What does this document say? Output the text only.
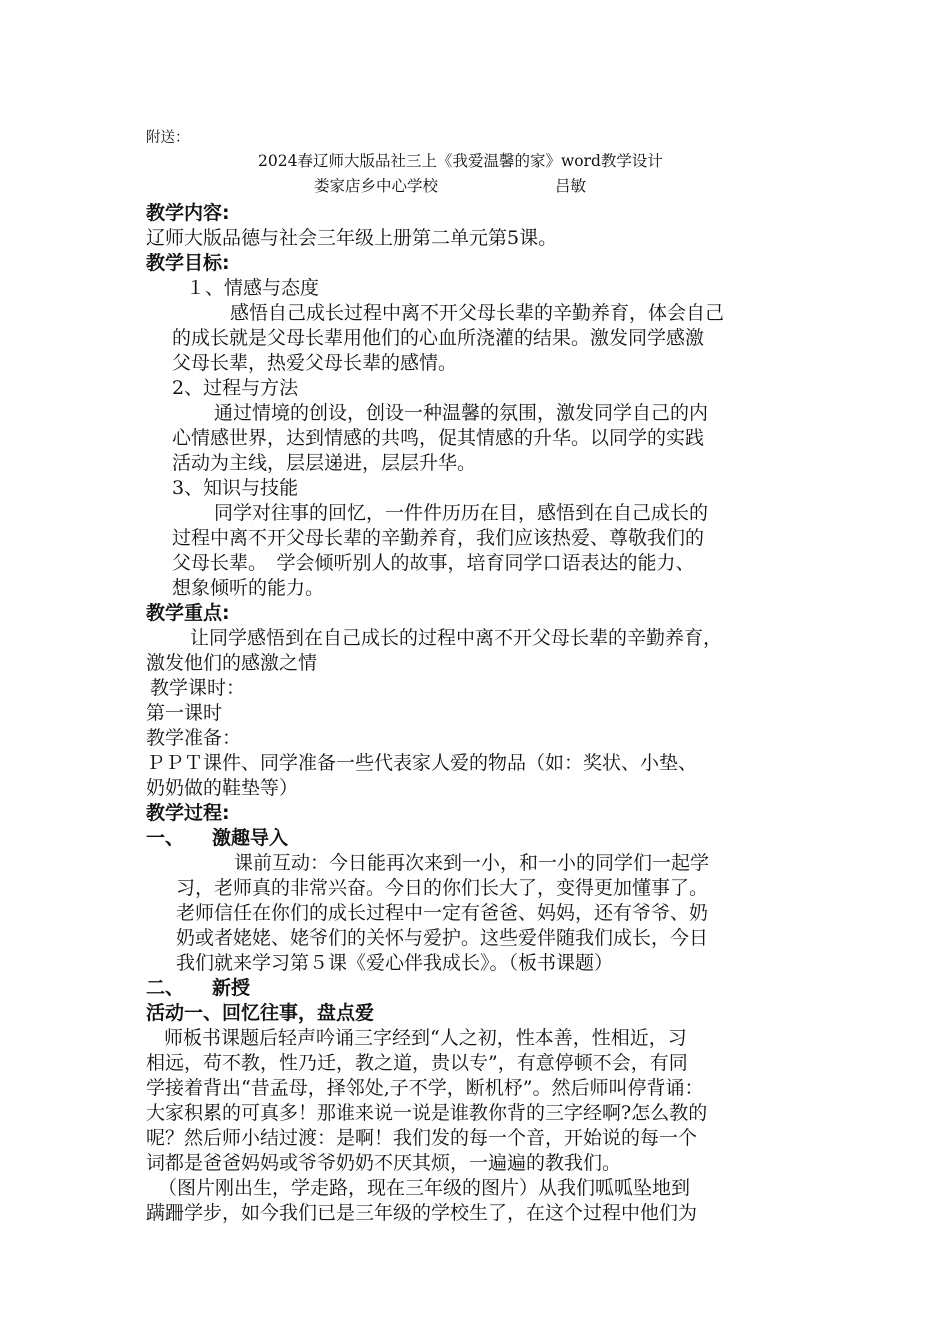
附送：
2024春辽师大版品社三上《我爱温馨的家》word教学设计
娄家店乡中心学校	吕敏
教学内容:
辽师大版品德与社会三年级上册第二单元第5课。
教学目标:
１、情感与态度
感悟自己成长过程中离不开父母长辈的辛勤养育，体会自己
的成长就是父母长辈用他们的心血所浇灌的结果。激发同学感激
父母长辈，热爱父母长辈的感情。
2、过程与方法
通过情境的创设，创设一种温馨的氛围，激发同学自己的内
心情感世界，达到情感的共鸣，促其情感的升华。以同学的实践
活动为主线，层层递进，层层升华。
3、知识与技能
同学对往事的回忆，一件件历历在目，感悟到在自己成长的
过程中离不开父母长辈的辛勤养育，我们应该热爱、尊敬我们的
父母长辈。　学会倾听别人的故事，培育同学口语表达的能力、
想象倾听的能力。
教学重点:
让同学感悟到在自己成长的过程中离不开父母长辈的辛勤养育，
激发他们的感激之情
教学课时：
第一课时
教学准备：
ＰＰＴ课件、同学准备一些代表家人爱的物品（如：奖状、小垫、
奶奶做的鞋垫等）
教学过程:
一、 激趣导入
课前互动：今日能再次来到一小，和一小的同学们一起学
习，老师真的非常兴奋。今日的你们长大了，变得更加懂事了。
老师信任在你们的成长过程中一定有爸爸、妈妈，还有爷爷、奶
奶或者姥姥、姥爷们的关怀与爱护。这些爱伴随我们成长，今日
我们就来学习第５课《爱心伴我成长》。（板书课题）
二、 新授
活动一、回忆往事，盘点爱
师板书课题后轻声吟诵三字经到“人之初，性本善，性相近，习
相远，苟不教，性乃迁，教之道，贵以专”，有意停顿不会，有同
学接着背出“昔孟母，择邻处,子不学，断机杼”。然后师叫停背诵：
大家积累的可真多！那谁来说一说是谁教你背的三字经啊?怎么教的
呢？然后师小结过渡：是啊！我们发的每一个音，开始说的每一个
词都是爸爸妈妈或爷爷奶奶不厌其烦，一遍遍的教我们。
（图片刚出生，学走路，现在三年级的图片）从我们呱呱坠地到
蹒跚学步，如今我们已是三年级的学校生了，在这个过程中他们为
